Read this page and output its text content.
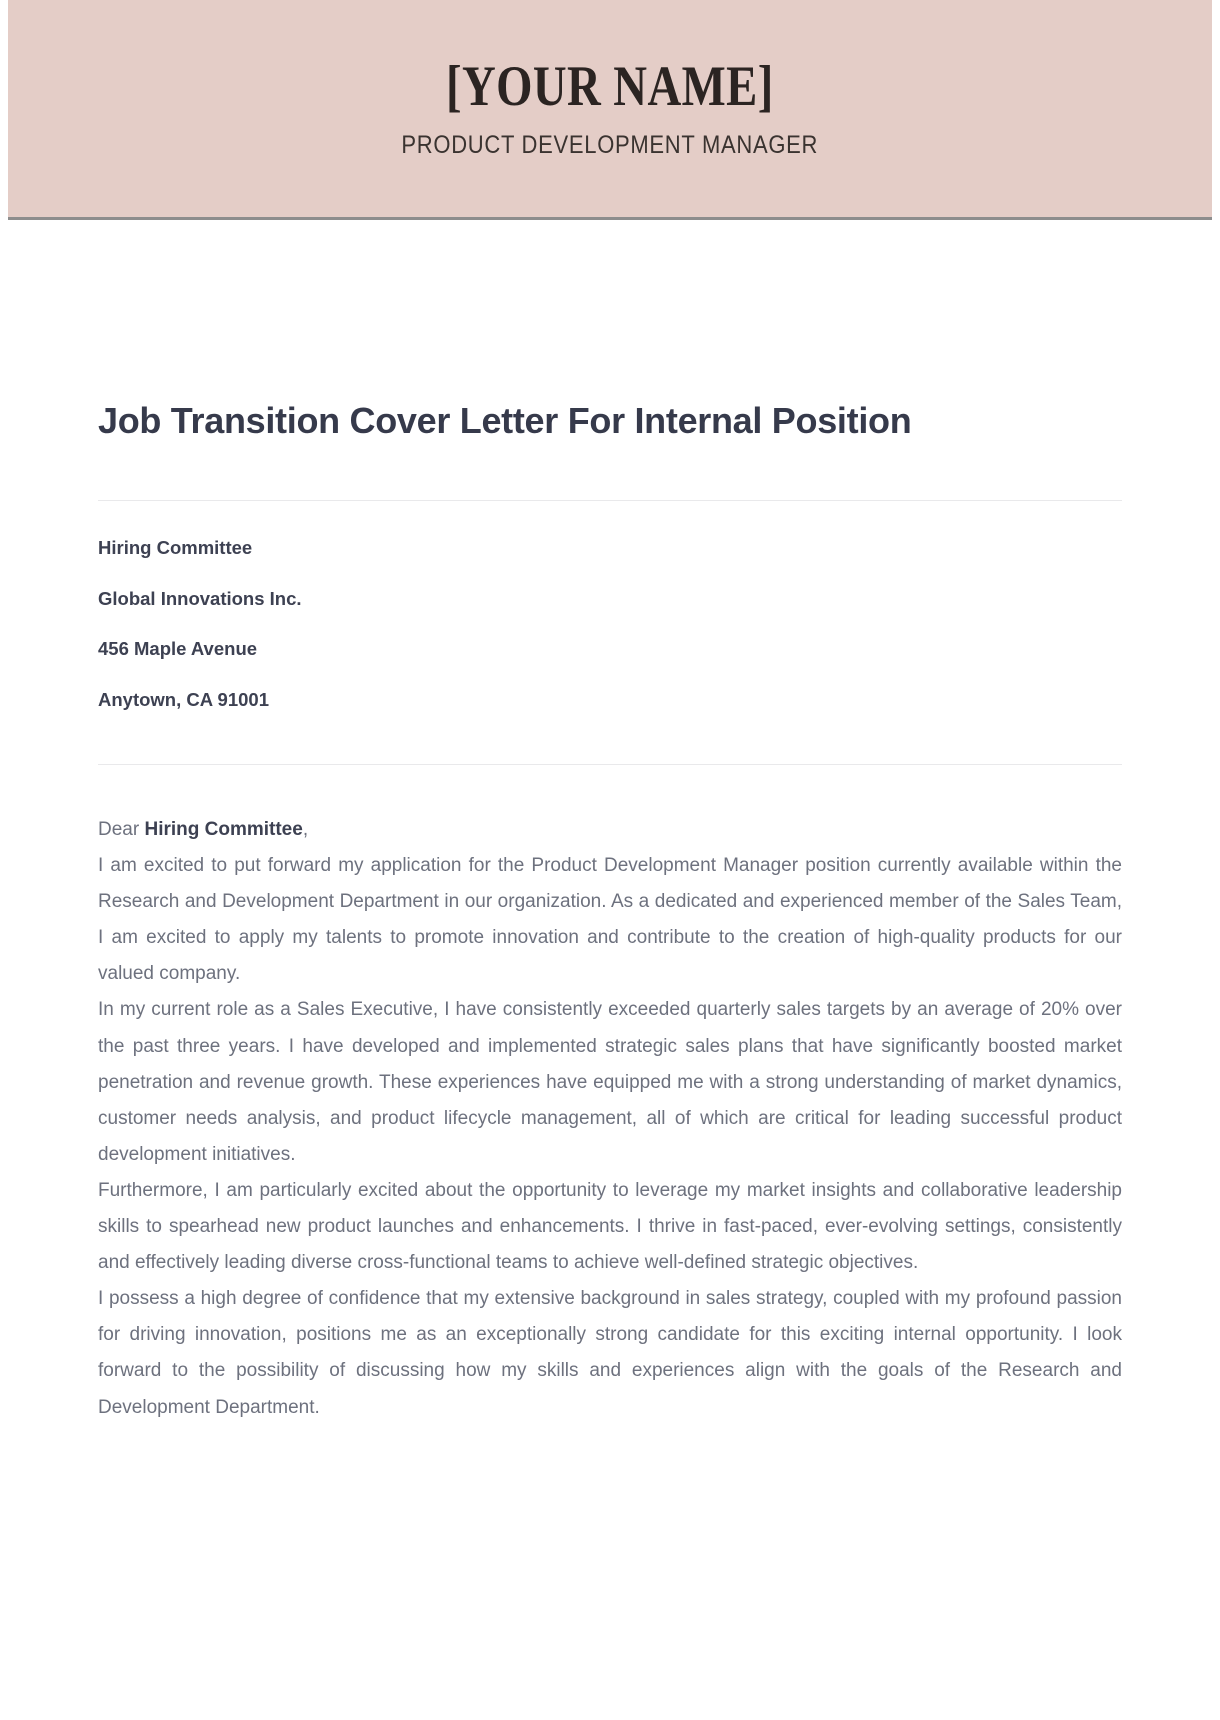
[YOUR NAME]
PRODUCT DEVELOPMENT MANAGER
Job Transition Cover Letter For Internal Position

Hiring Committee

Global Innovations Inc.

456 Maple Avenue

Anytown, CA 91001

Dear Hiring Committee,

I am excited to put forward my application for the Product Development Manager position currently available within the Research and Development Department in our organization. As a dedicated and experienced member of the Sales Team, I am excited to apply my talents to promote innovation and contribute to the creation of high-quality products for our valued company.

In my current role as a Sales Executive, I have consistently exceeded quarterly sales targets by an average of 20% over the past three years. I have developed and implemented strategic sales plans that have significantly boosted market penetration and revenue growth. These experiences have equipped me with a strong understanding of market dynamics, customer needs analysis, and product lifecycle management, all of which are critical for leading successful product development initiatives.

Furthermore, I am particularly excited about the opportunity to leverage my market insights and collaborative leadership skills to spearhead new product launches and enhancements. I thrive in fast-paced, ever-evolving settings, consistently and effectively leading diverse cross-functional teams to achieve well-defined strategic objectives.

I possess a high degree of confidence that my extensive background in sales strategy, coupled with my profound passion for driving innovation, positions me as an exceptionally strong candidate for this exciting internal opportunity. I look forward to the possibility of discussing how my skills and experiences align with the goals of the Research and Development Department.
